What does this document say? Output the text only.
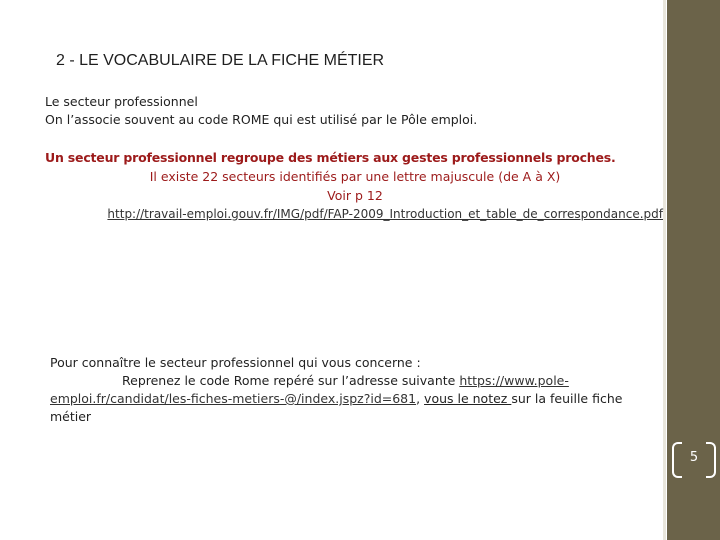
2 - LE VOCABULAIRE DE LA FICHE MÉTIER
Le secteur professionnel
On l’associe souvent au code ROME qui est utilisé par le Pôle emploi.
Un secteur professionnel regroupe des métiers aux gestes professionnels proches.
Il existe 22 secteurs identifiés par une lettre majuscule (de A à X)
Voir p 12
http://travail-emploi.gouv.fr/IMG/pdf/FAP-2009_Introduction_et_table_de_correspondance.pdf
Pour connaître le secteur professionnel qui vous concerne :
Reprenez le code Rome repéré sur l’adresse suivante https://www.pole-emploi.fr/candidat/les-fiches-metiers-@/index.jspz?id=681, vous le notez sur la feuille fiche métier
5
